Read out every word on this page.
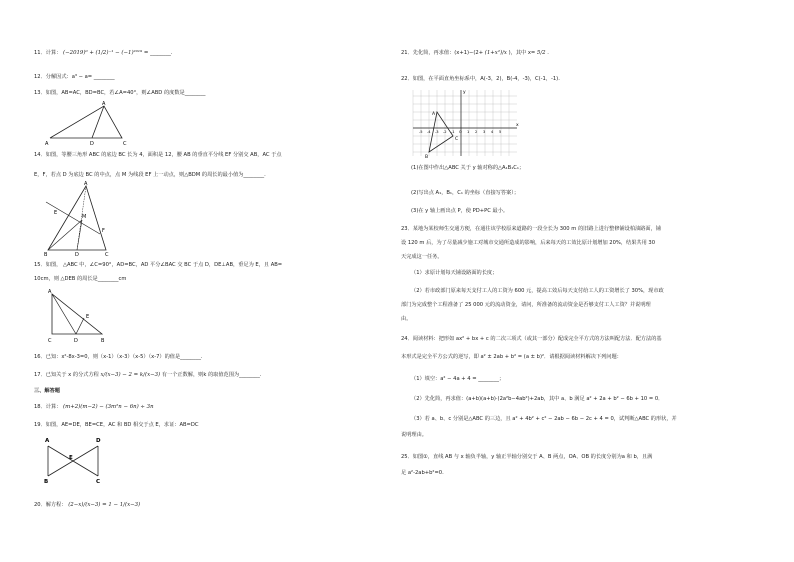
11．计算： (−2019)⁰ + (1/2)⁻¹ − (−1)²⁰¹⁹ = ________.
12．分解因式：a³ − a= ________
13．如图，AB=AC，BD=BC，若∠A=40°，则∠ABD 的度数是________
A
A	D	C
14．如图，等腰三角形 ABC 的底边 BC 长为 4，面积是 12，腰 AB 的垂直平分线 EF 分别交 AB，AC 于点
E，F，若点 D 为底边 BC 的中点，点 M 为线段 EF 上一动点，则△BDM 的周长的最小值为________.
A
E
M
F
B	D	C
15．如图， △ABC 中，∠C=90°，AD=BC，AD 平分∠BAC 交 BC 于点 D，DE⊥AB，垂足为 E，且 AB=
10cm，则 △DEB 的周长是________cm
A
E
C	D	B
16．已知：x²-8x-3=0，则（x-1）（x-3）（x-5）（x-7）的值是________.
17．已知关于 x 的分式方程 x/(x−3) − 2 = k/(x−3) 有一个正数解，则k 的取值范围为________.
三、解答题
18．计算： (m+2)(m−2) − (3m²n − 6n) ÷ 3n
19．如图，AE=DE，BE=CE，AC 和 BD 相交于点 E，求证：AB=DC
A	D
E
B	C
20．解方程： (2−x)/(x−3) = 1 − 1/(x−3)
21．先化简，再求值：(x+1)−(2+ (1+x²)/x )，其中 x= 5/2 .
22．如图，在平面直角坐标系中，A(-3，2)，B(-4，-3)，C(-1，-1).
x
y
A
B
C
-5 -4 -3 -2 -1 O 1 2 3 4 5
(1)在图中作出△ABC 关于 y 轴对称的△A₁B₁C₁；
(2)写出点 A₁，B₁，C₁ 的坐标（直接写答案）；
(3)在 y 轴上画出点 P，使 PD+PC 最小。
23．某地为某校师生交通方便，在通往该学校原来道路的一段全长为 300 m 的旧路上进行整修铺设柏油路面，铺
设 120 m 后，为了尽量减少施工对城市交通所造成的影响，后来每天的工效比原计划增加 20%，结果共用 30
天完成这一任务。
（1）求原计划每天铺设路面的长度；
（2）若市政部门原来每天支付工人的工资为 600 元，提高工效后每天支付给工人的工资增长了 30%，现市政
部门为完成整个工程准备了 25 000 元的流动资金，请问，所准备的流动资金是否够支付工人工资？并说明理
由。
24．阅读材料：把形如 ax² + bx + c 的二次三项式（或其一部分）配成完全平方式的方法叫配方法．配方法的基
本形式是完全平方公式的逆写，即 a² ± 2ab + b² = (a ± b)²．请根据阅读材料解决下列问题：
（1）填空：a² − 4a + 4 = ________；
（2）先化简，再求值：(a+b)(a+b)·(2a²b−4ab²)+2ab，其中 a、b 满足 a² + 2a + b² − 6b + 10 = 0．
（3）若 a、b、c 分别是△ABC 的三边，且 a² + 4b² + c² − 2ab − 6b − 2c + 4 = 0，试判断△ABC 的形状，并
说明理由。
25．如图①，直线 AB 与 x 轴负半轴，y 轴正半轴分别交于 A、B 两点，OA、OB 的长度分别为a 和 b，且满
足 a²-2ab+b²=0.
